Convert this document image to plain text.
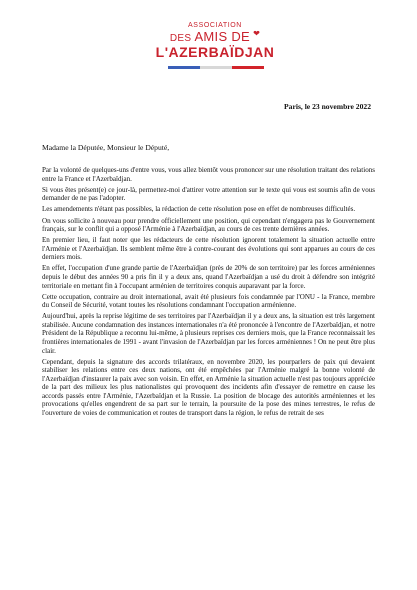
ASSOCIATION
DES AMIS DE ❤
L'AZERBAÏDJAN
Paris, le 23 novembre 2022
Madame la Députée, Monsieur le Député,

Par la volonté de quelques-uns d'entre vous, vous allez bientôt vous prononcer sur une résolution traitant des relations entre la France et l'Azerbaïdjan.

Si vous êtes présent(e) ce jour-là, permettez-moi d'attirer votre attention sur le texte qui vous est soumis afin de vous demander de ne pas l'adopter.

Les amendements n'étant pas possibles, la rédaction de cette résolution pose en effet de nombreuses difficultés.

On vous sollicite à nouveau pour prendre officiellement une position, qui cependant n'engagera pas le Gouvernement français, sur le conflit qui a opposé l'Arménie à l'Azerbaïdjan, au cours de ces trente dernières années.

En premier lieu, il faut noter que les rédacteurs de cette résolution ignorent totalement la situation actuelle entre l'Arménie et l'Azerbaïdjan. Ils semblent même être à contre-courant des évolutions qui sont apparues au cours de ces derniers mois.

En effet, l'occupation d'une grande partie de l'Azerbaïdjan (près de 20% de son territoire) par les forces arméniennes depuis le début des années 90 a pris fin il y a deux ans, quand l'Azerbaïdjan a usé du droit à défendre son intégrité territoriale en mettant fin à l'occupant arménien de territoires conquis auparavant par la force.

Cette occupation, contraire au droit international, avait été plusieurs fois condamnée par l'ONU - la France, membre du Conseil de Sécurité, votant toutes les résolutions condamnant l'occupation arménienne.

Aujourd'hui, après la reprise légitime de ses territoires par l'Azerbaïdjan il y a deux ans, la situation est très largement stabilisée. Aucune condamnation des instances internationales n'a été prononcée à l'encontre de l'Azerbaïdjan, et notre Président de la République a reconnu lui-même, à plusieurs reprises ces derniers mois, que la France reconnaissait les frontières internationales de 1991 - avant l'invasion de l'Azerbaïdjan par les forces arméniennes ! On ne peut être plus clair.

Cependant, depuis la signature des accords trilatéraux, en novembre 2020, les pourparlers de paix qui devaient stabiliser les relations entre ces deux nations, ont été empêchées par l'Arménie malgré la bonne volonté de l'Azerbaïdjan d'instaurer la paix avec son voisin. En effet, en Arménie la situation actuelle n'est pas toujours appréciée de la part des milieux les plus nationalistes qui provoquent des incidents afin d'essayer de remettre en cause les accords passés entre l'Arménie, l'Azerbaïdjan et la Russie. La position de blocage des autorités arméniennes et les provocations qu'elles engendrent de sa part sur le terrain, la poursuite de la pose des mines terrestres, le refus de l'ouverture de voies de communication et routes de transport dans la région, le refus de retrait de ses
